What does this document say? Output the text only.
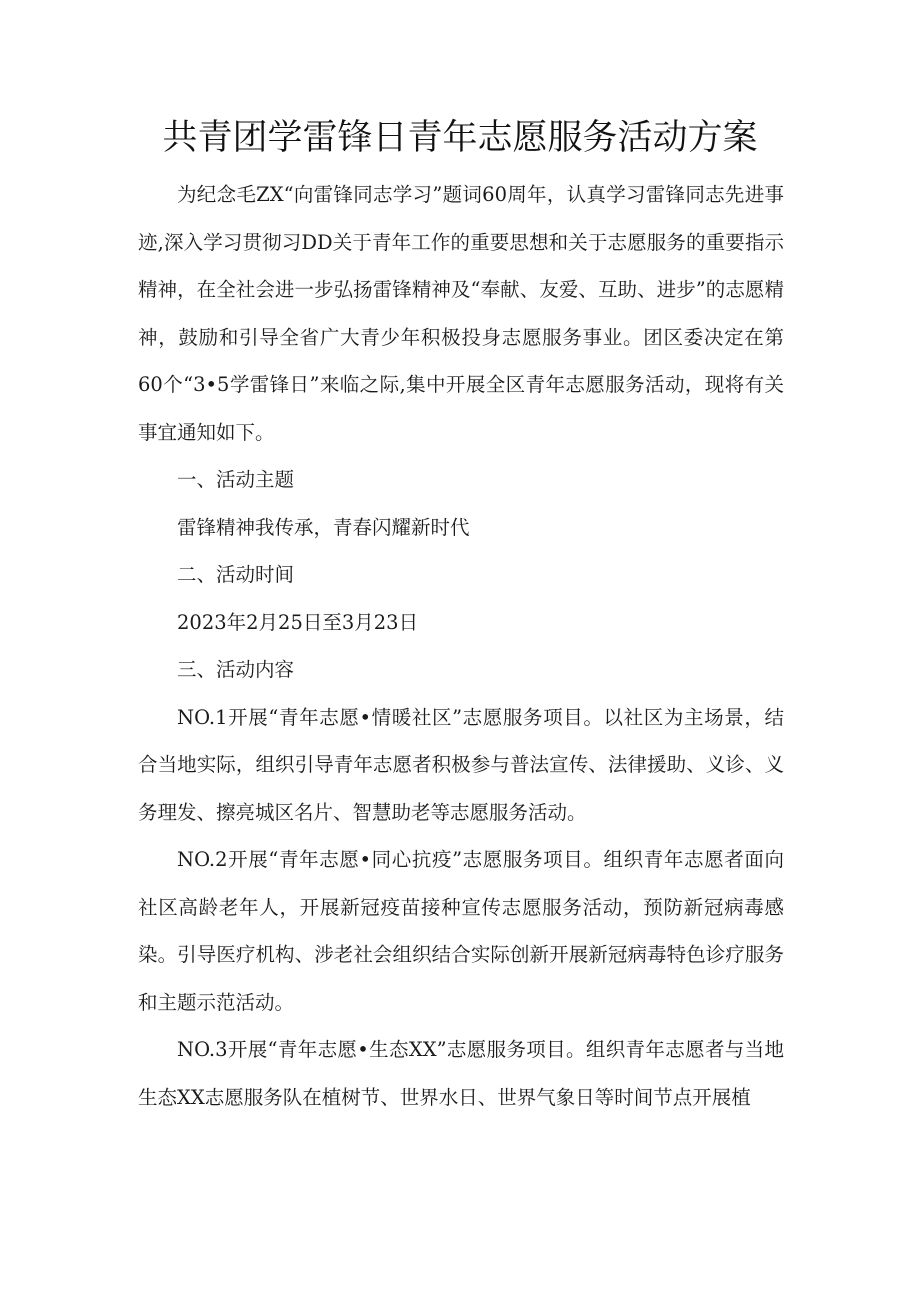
共青团学雷锋日青年志愿服务活动方案

为纪念毛ZX“向雷锋同志学习”题词60周年，认真学习雷锋同志先进事迹,深入学习贯彻习DD关于青年工作的重要思想和关于志愿服务的重要指示精神，在全社会进一步弘扬雷锋精神及“奉献、友爱、互助、进步”的志愿精神，鼓励和引导全省广大青少年积极投身志愿服务事业。团区委决定在第60个“3•5学雷锋日”来临之际,集中开展全区青年志愿服务活动，现将有关事宜通知如下。

一、活动主题

雷锋精神我传承，青春闪耀新时代

二、活动时间

2023年2月25日至3月23日

三、活动内容

NO.1开展“青年志愿•情暖社区”志愿服务项目。以社区为主场景，结合当地实际，组织引导青年志愿者积极参与普法宣传、法律援助、义诊、义务理发、擦亮城区名片、智慧助老等志愿服务活动。

NO.2开展“青年志愿•同心抗疫”志愿服务项目。组织青年志愿者面向社区高龄老年人，开展新冠疫苗接种宣传志愿服务活动，预防新冠病毒感染。引导医疗机构、涉老社会组织结合实际创新开展新冠病毒特色诊疗服务和主题示范活动。

NO.3开展“青年志愿•生态XX”志愿服务项目。组织青年志愿者与当地生态XX志愿服务队在植树节、世界水日、世界气象日等时间节点开展植
